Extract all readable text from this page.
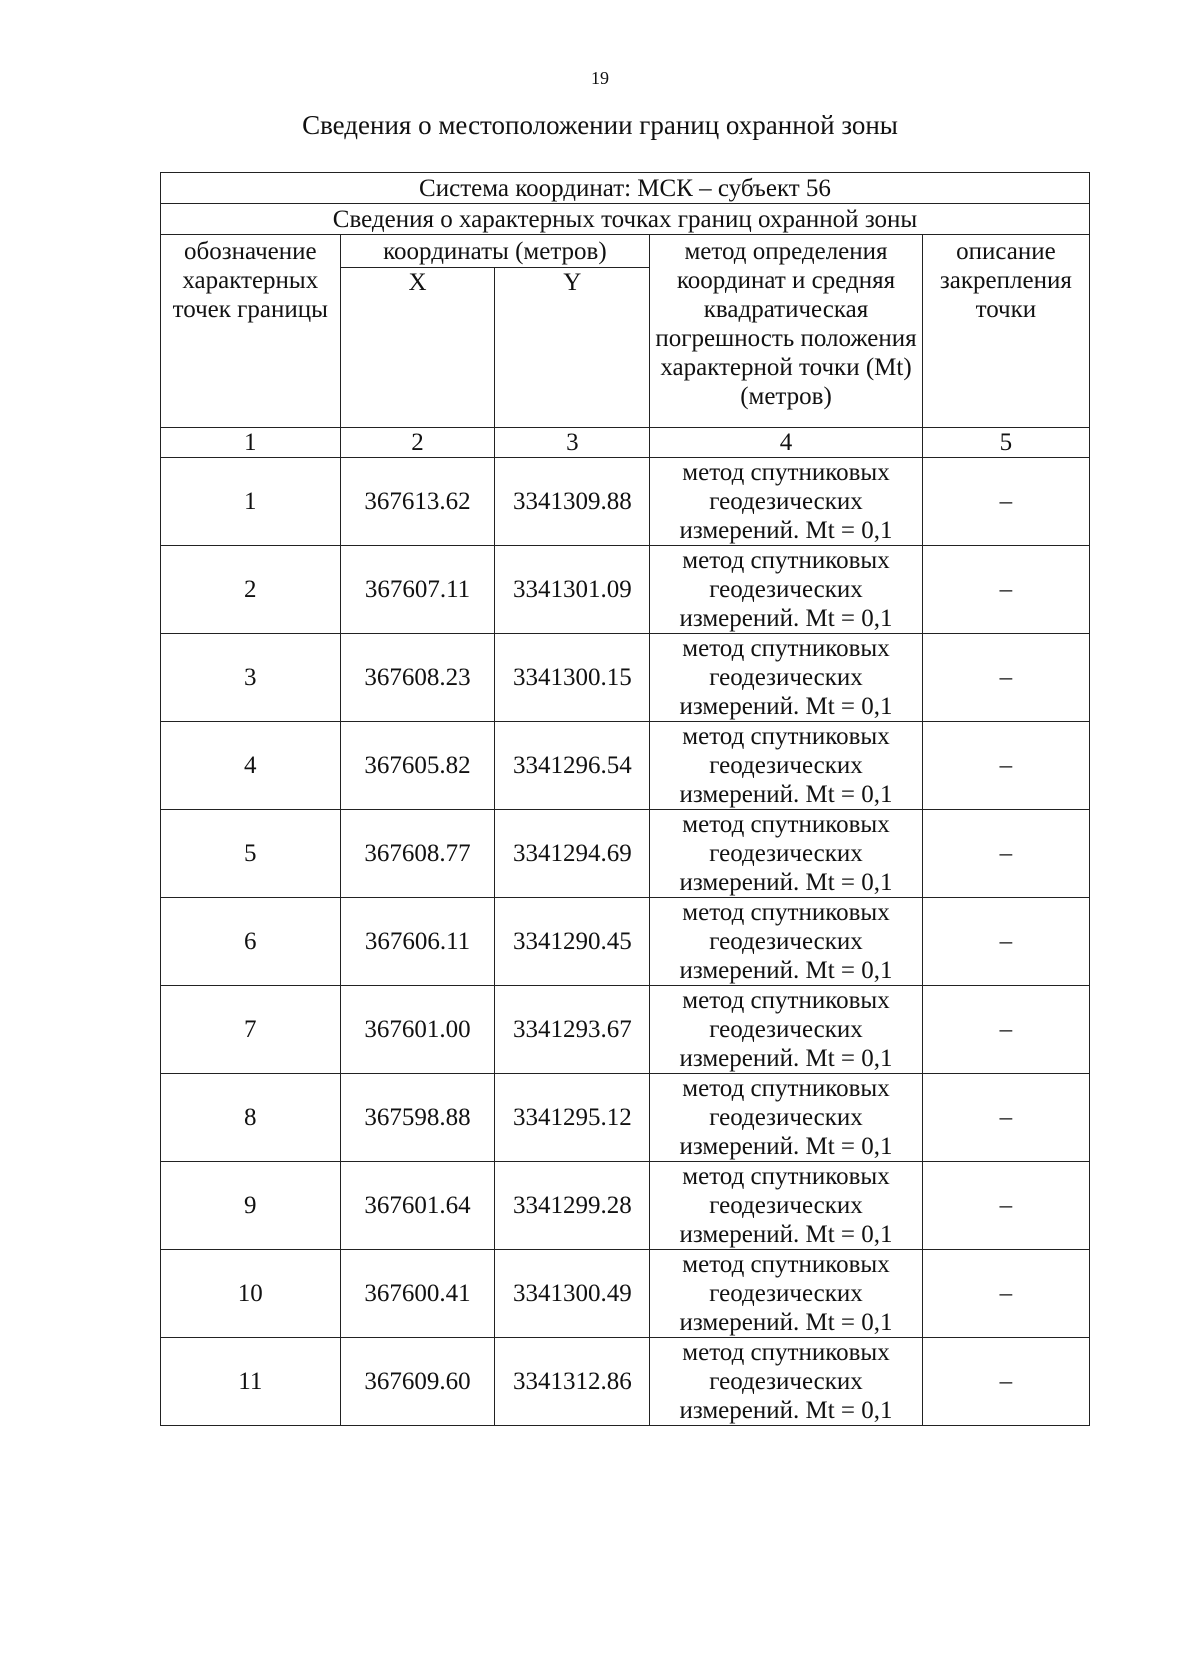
19
Сведения о местоположении границ охранной зоны
Система координат: МСК – субъект 56				
Сведения о характерных точках границ охранной зоны				
обозначение характерных точек границы	координаты (метров)		метод определения координат и средняя квадратическая погрешность положения характерной точки (Mt) (метров)	описание закрепления точки
	X	Y		

1	2	3	4	5
1	367613.62	3341309.88	метод спутниковых геодезических измерений. Mt = 0,1	–
2	367607.11	3341301.09	метод спутниковых геодезических измерений. Mt = 0,1	–
3	367608.23	3341300.15	метод спутниковых геодезических измерений. Mt = 0,1	–
4	367605.82	3341296.54	метод спутниковых геодезических измерений. Mt = 0,1	–
5	367608.77	3341294.69	метод спутниковых геодезических измерений. Mt = 0,1	–
6	367606.11	3341290.45	метод спутниковых геодезических измерений. Mt = 0,1	–
7	367601.00	3341293.67	метод спутниковых геодезических измерений. Mt = 0,1	–
8	367598.88	3341295.12	метод спутниковых геодезических измерений. Mt = 0,1	–
9	367601.64	3341299.28	метод спутниковых геодезических измерений. Mt = 0,1	–
10	367600.41	3341300.49	метод спутниковых геодезических измерений. Mt = 0,1	–
11	367609.60	3341312.86	метод спутниковых геодезических измерений. Mt = 0,1	–
